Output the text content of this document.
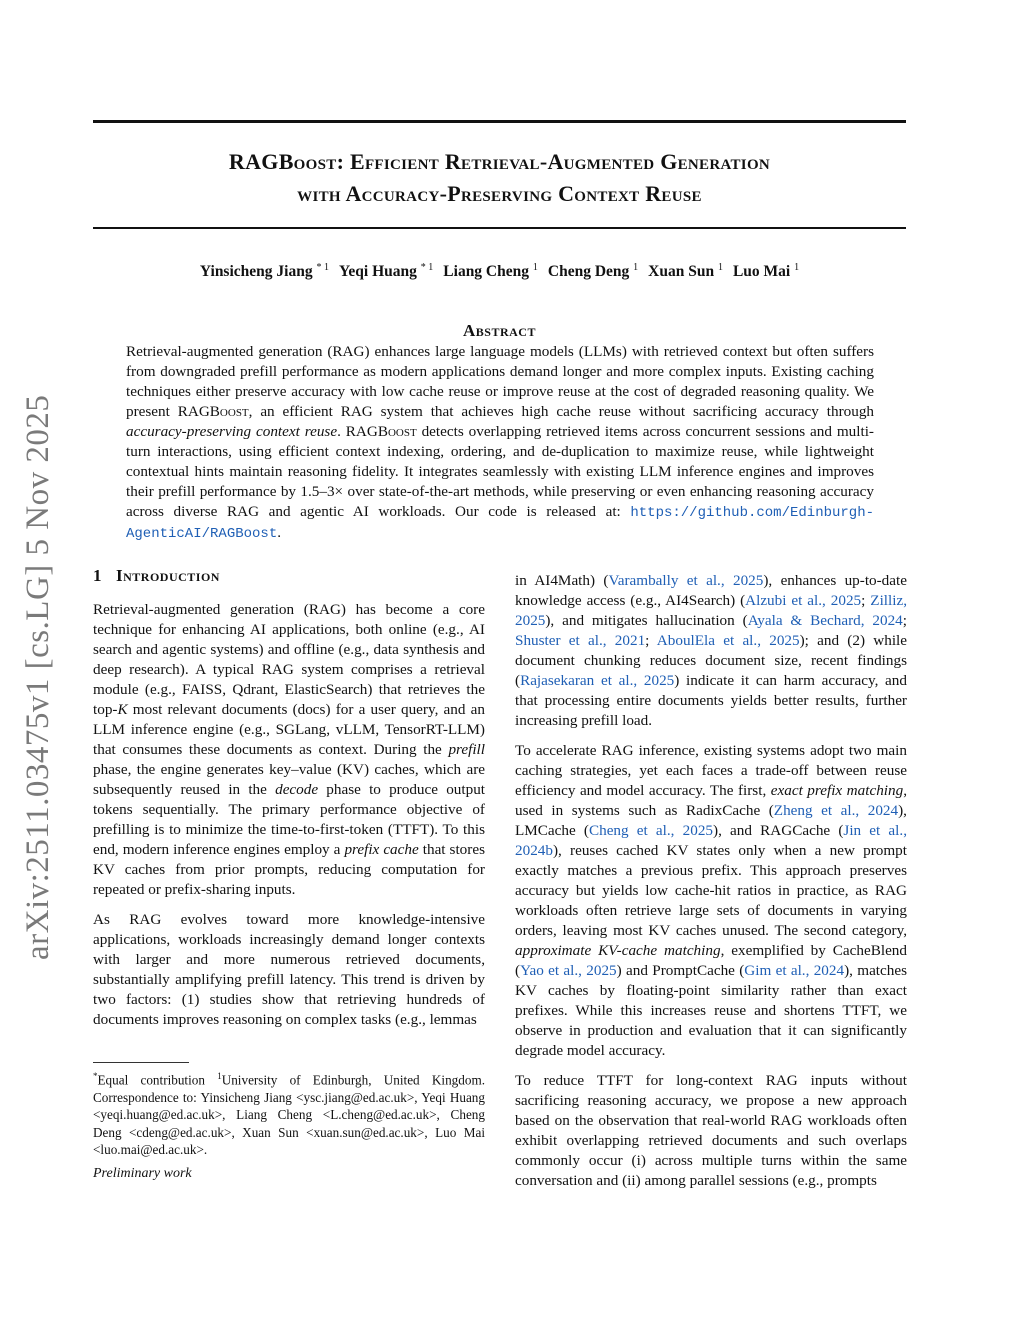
RAGBoost: Efficient Retrieval-Augmented Generation
with Accuracy-Preserving Context Reuse
Yinsicheng Jiang $^{* 1}$ Yeqi Huang $^{* 1}$ Liang Cheng $^1$ Cheng Deng $^1$ Xuan Sun $^1$ Luo Mai $^1$
arXiv:2511.03475v1 [cs.LG] 5 Nov 2025
Abstract
Retrieval-augmented generation (RAG) enhances large language models (LLMs) with retrieved context but often suffers from downgraded prefill performance as modern applications demand longer and more complex inputs. Existing caching techniques either preserve accuracy with low cache reuse or improve reuse at the cost of degraded reasoning quality. We present RAGBoost, an efficient RAG system that achieves high cache reuse without sacrificing accuracy through accuracy-preserving context reuse. RAGBoost detects overlapping retrieved items across concurrent sessions and multi-turn interactions, using efficient context indexing, ordering, and de-duplication to maximize reuse, while lightweight contextual hints maintain reasoning fidelity. It integrates seamlessly with existing LLM inference engines and improves their prefill performance by 1.5–3× over state-of-the-art methods, while preserving or even enhancing reasoning accuracy across diverse RAG and agentic AI workloads. Our code is released at: https://github.com/Edinburgh-AgenticAI/RAGBoost.
1 Introduction
Retrieval-augmented generation (RAG) has become a core technique for enhancing AI applications, both online (e.g., AI search and agentic systems) and offline (e.g., data synthesis and deep research). A typical RAG system comprises a retrieval module (e.g., FAISS, Qdrant, ElasticSearch) that retrieves the top-K most relevant documents (docs) for a user query, and an LLM inference engine (e.g., SGLang, vLLM, TensorRT-LLM) that consumes these documents as context. During the prefill phase, the engine generates key–value (KV) caches, which are subsequently reused in the decode phase to produce output tokens sequentially. The primary performance objective of prefilling is to minimize the time-to-first-token (TTFT). To this end, modern inference engines employ a prefix cache that stores KV caches from prior prompts, reducing computation for repeated or prefix-sharing inputs.
As RAG evolves toward more knowledge-intensive applications, workloads increasingly demand longer contexts with larger and more numerous retrieved documents, substantially amplifying prefill latency. This trend is driven by two factors: (1) studies show that retrieving hundreds of documents improves reasoning on complex tasks (e.g., lemmas
in AI4Math) (Varambally et al., 2025), enhances up-to-date knowledge access (e.g., AI4Search) (Alzubi et al., 2025; Zilliz, 2025), and mitigates hallucination (Ayala & Bechard, 2024; Shuster et al., 2021; AboulEla et al., 2025); and (2) while document chunking reduces document size, recent findings (Rajasekaran et al., 2025) indicate it can harm accuracy, and that processing entire documents yields better results, further increasing prefill load.
To accelerate RAG inference, existing systems adopt two main caching strategies, yet each faces a trade-off between reuse efficiency and model accuracy. The first, exact prefix matching, used in systems such as RadixCache (Zheng et al., 2024), LMCache (Cheng et al., 2025), and RAGCache (Jin et al., 2024b), reuses cached KV states only when a new prompt exactly matches a previous prefix. This approach preserves accuracy but yields low cache-hit ratios in practice, as RAG workloads often retrieve large sets of documents in varying orders, leaving most KV caches unused. The second category, approximate KV-cache matching, exemplified by CacheBlend (Yao et al., 2025) and PromptCache (Gim et al., 2024), matches KV caches by floating-point similarity rather than exact prefixes. While this increases reuse and shortens TTFT, we observe in production and evaluation that it can significantly degrade model accuracy.
To reduce TTFT for long-context RAG inputs without sacrificing reasoning accuracy, we propose a new approach based on the observation that real-world RAG workloads often exhibit overlapping retrieved documents and such overlaps commonly occur (i) across multiple turns within the same conversation and (ii) among parallel sessions (e.g., prompts
*Equal contribution $^1$University of Edinburgh, United Kingdom. Correspondence to: Yinsicheng Jiang <ysc.jiang@ed.ac.uk>, Yeqi Huang <yeqi.huang@ed.ac.uk>, Liang Cheng <L.cheng@ed.ac.uk>, Cheng Deng <cdeng@ed.ac.uk>, Xuan Sun <xuan.sun@ed.ac.uk>, Luo Mai <luo.mai@ed.ac.uk>.
Preliminary work
